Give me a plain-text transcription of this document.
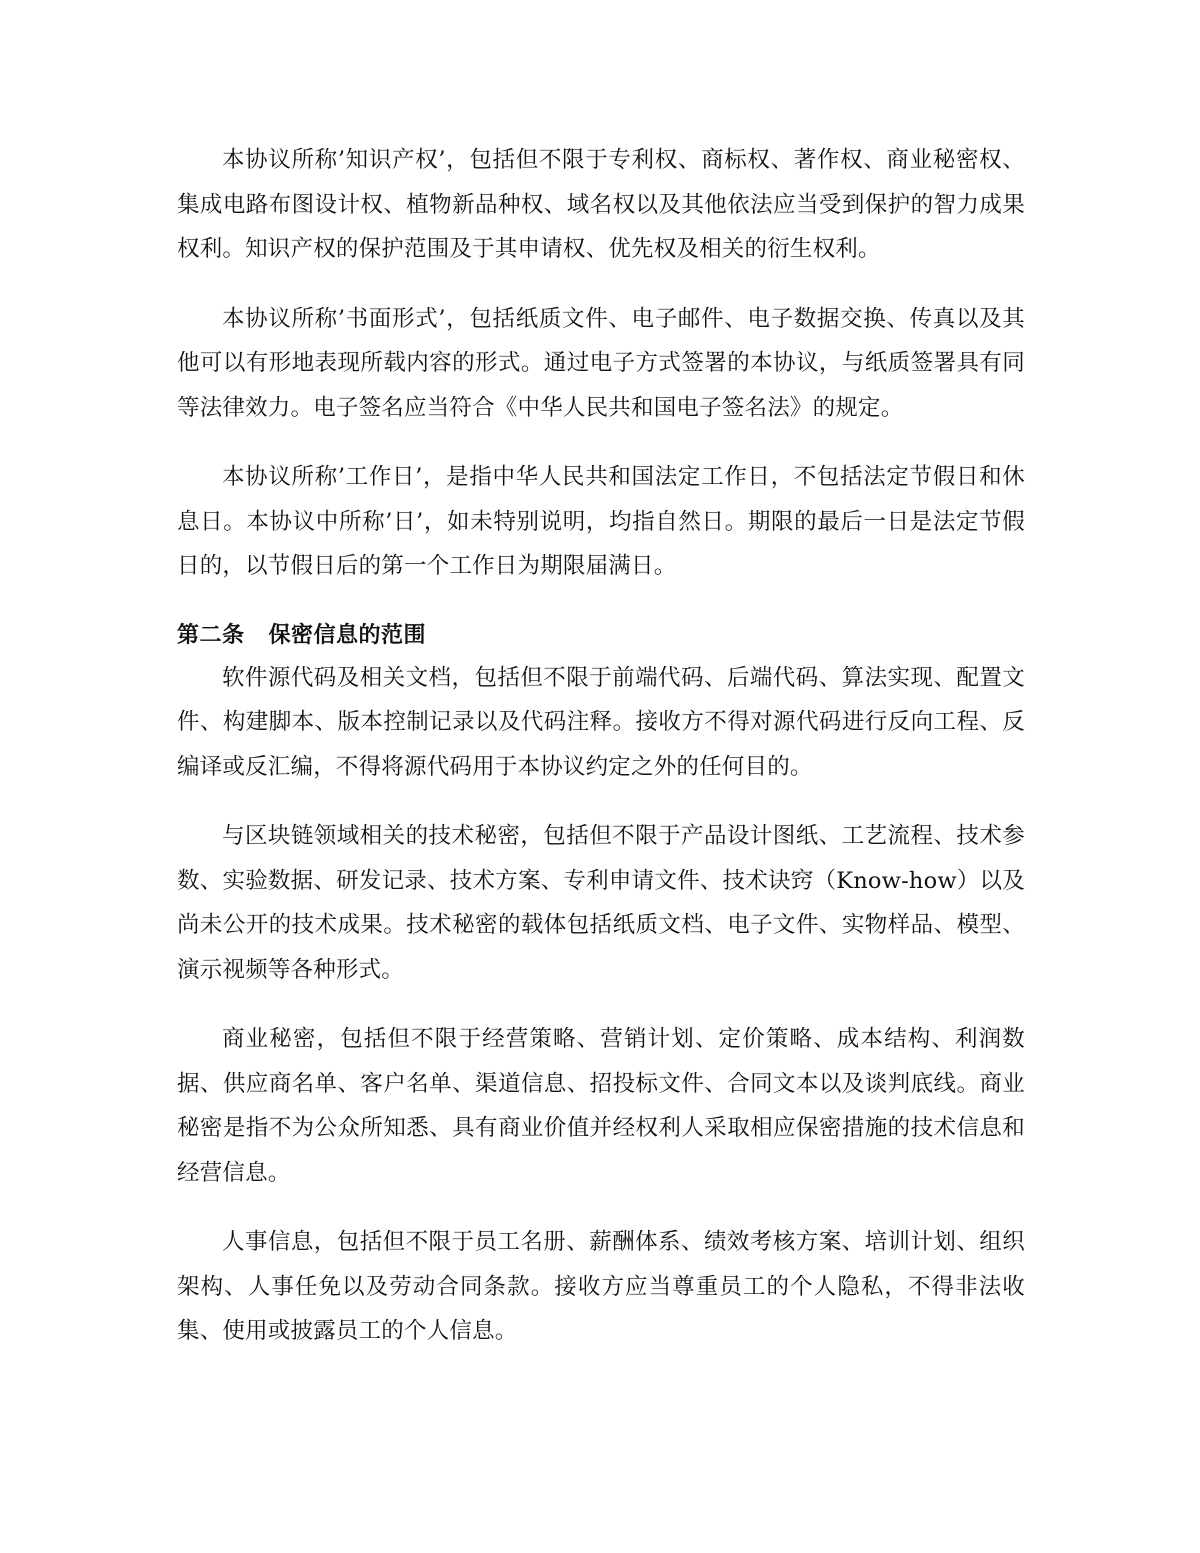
本协议所称’知识产权’，包括但不限于专利权、商标权、著作权、商业秘密权、集成电路布图设计权、植物新品种权、域名权以及其他依法应当受到保护的智力成果权利。知识产权的保护范围及于其申请权、优先权及相关的衍生权利。

本协议所称’书面形式’，包括纸质文件、电子邮件、电子数据交换、传真以及其他可以有形地表现所载内容的形式。通过电子方式签署的本协议，与纸质签署具有同等法律效力。电子签名应当符合《中华人民共和国电子签名法》的规定。

本协议所称’工作日’，是指中华人民共和国法定工作日，不包括法定节假日和休息日。本协议中所称’日’，如未特别说明，均指自然日。期限的最后一日是法定节假日的，以节假日后的第一个工作日为期限届满日。

第二条 保密信息的范围

软件源代码及相关文档，包括但不限于前端代码、后端代码、算法实现、配置文件、构建脚本、版本控制记录以及代码注释。接收方不得对源代码进行反向工程、反编译或反汇编，不得将源代码用于本协议约定之外的任何目的。

与区块链领域相关的技术秘密，包括但不限于产品设计图纸、工艺流程、技术参数、实验数据、研发记录、技术方案、专利申请文件、技术诀窍（Know-how）以及尚未公开的技术成果。技术秘密的载体包括纸质文档、电子文件、实物样品、模型、演示视频等各种形式。

商业秘密，包括但不限于经营策略、营销计划、定价策略、成本结构、利润数据、供应商名单、客户名单、渠道信息、招投标文件、合同文本以及谈判底线。商业秘密是指不为公众所知悉、具有商业价值并经权利人采取相应保密措施的技术信息和经营信息。

人事信息，包括但不限于员工名册、薪酬体系、绩效考核方案、培训计划、组织架构、人事任免以及劳动合同条款。接收方应当尊重员工的个人隐私，不得非法收集、使用或披露员工的个人信息。
